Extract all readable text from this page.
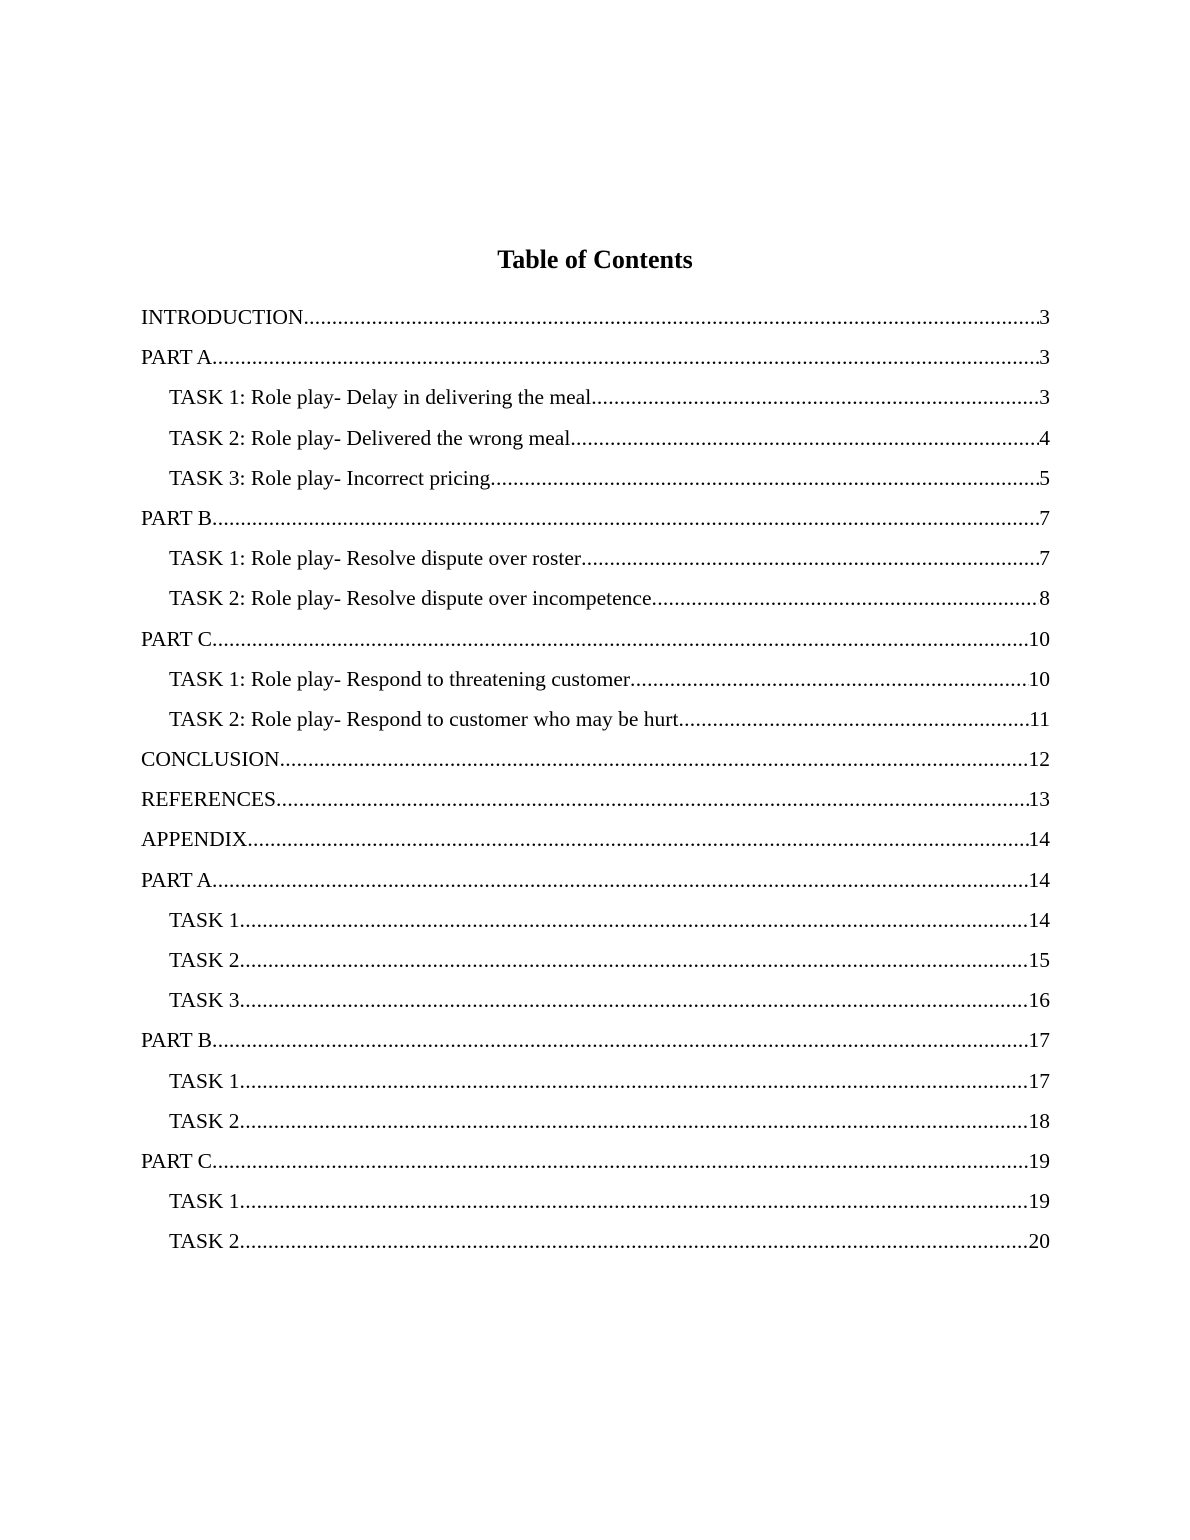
Table of Contents
INTRODUCTION .....	3
PART A .....	3
TASK 1: Role play- Delay in delivering the meal .....	3
TASK 2: Role play- Delivered the wrong meal .....	4
TASK 3: Role play- Incorrect pricing .....	5
PART B .....	7
TASK 1: Role play- Resolve dispute over roster .....	7
TASK 2: Role play- Resolve dispute over incompetence .....	8
PART C .....	10
TASK 1: Role play- Respond to threatening customer .....	10
TASK 2: Role play- Respond to customer who may be hurt .....	11
CONCLUSION .....	12
REFERENCES .....	13
APPENDIX .....	14
PART A .....	14
TASK 1 .....	14
TASK 2 .....	15
TASK 3 .....	16
PART B .....	17
TASK 1 .....	17
TASK 2 .....	18
PART C .....	19
TASK 1 .....	19
TASK 2 .....	20
